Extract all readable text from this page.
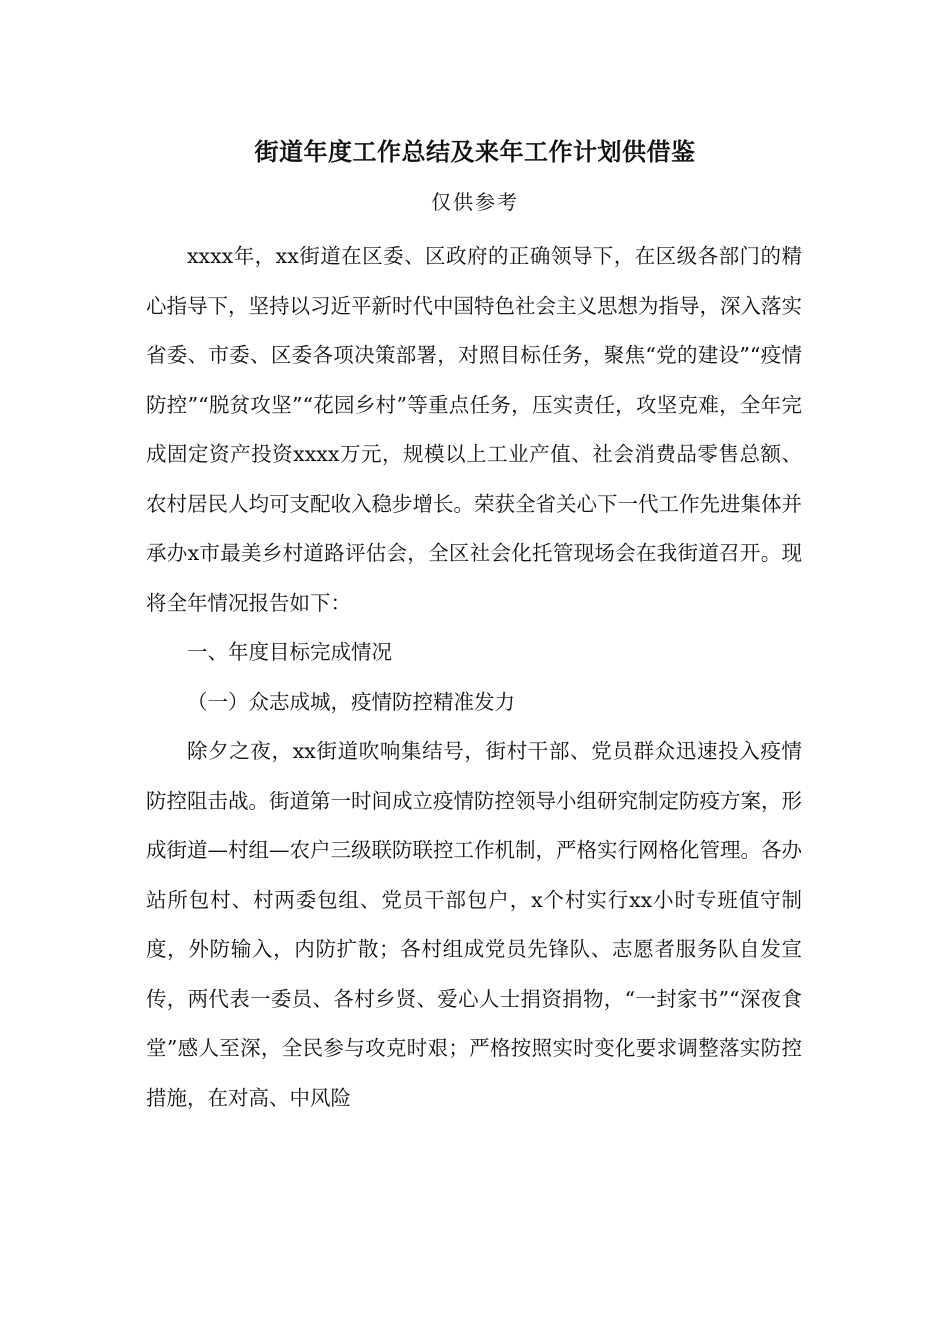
街道年度工作总结及来年工作计划供借鉴
仅供参考

xxxx年，xx街道在区委、区政府的正确领导下，在区级各部门的精心指导下，坚持以习近平新时代中国特色社会主义思想为指导，深入落实省委、市委、区委各项决策部署，对照目标任务，聚焦“党的建设”“疫情防控”“脱贫攻坚”“花园乡村”等重点任务，压实责任，攻坚克难，全年完成固定资产投资xxxx万元，规模以上工业产值、社会消费品零售总额、农村居民人均可支配收入稳步增长。荣获全省关心下一代工作先进集体并承办x市最美乡村道路评估会，全区社会化托管现场会在我街道召开。现将全年情况报告如下：

一、年度目标完成情况

（一）众志成城，疫情防控精准发力

除夕之夜，xx街道吹响集结号，街村干部、党员群众迅速投入疫情防控阻击战。街道第一时间成立疫情防控领导小组研究制定防疫方案，形成街道—村组—农户三级联防联控工作机制，严格实行网格化管理。各办站所包村、村两委包组、党员干部包户，x个村实行xx小时专班值守制度，外防输入，内防扩散；各村组成党员先锋队、志愿者服务队自发宣传，两代表一委员、各村乡贤、爱心人士捐资捐物，“一封家书”“深夜食堂”感人至深，全民参与攻克时艰；严格按照实时变化要求调整落实防控措施，在对高、中风险
